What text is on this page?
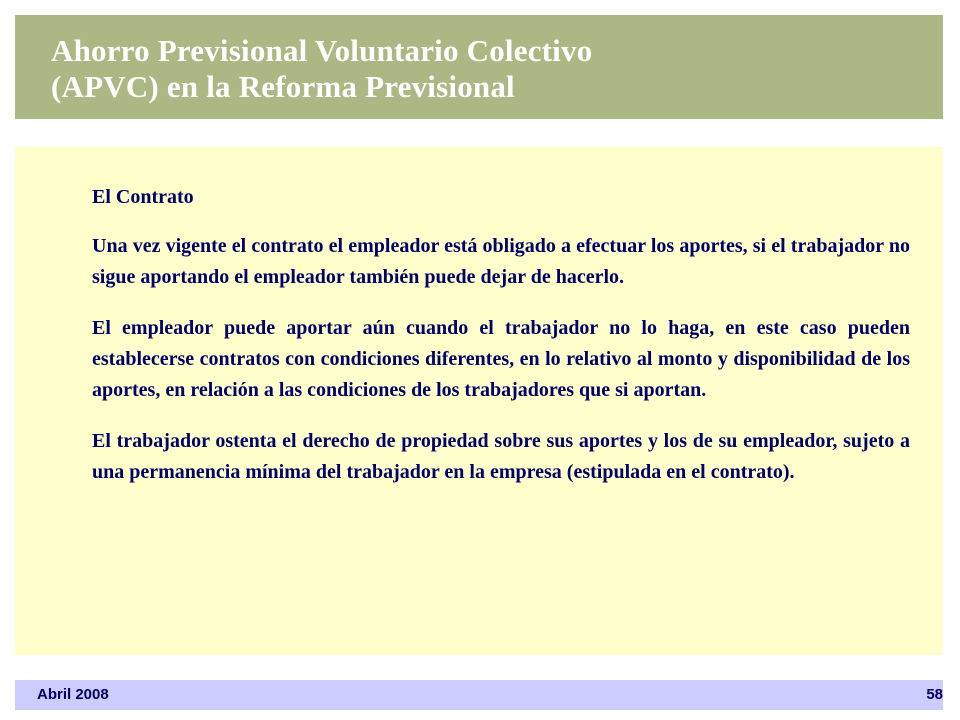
Ahorro Previsional Voluntario Colectivo
(APVC) en la Reforma Previsional
El Contrato

Una vez vigente el contrato el empleador está obligado a efectuar los aportes, si el trabajador no sigue aportando el empleador también puede dejar de hacerlo.

El empleador puede aportar aún cuando el trabajador no lo haga, en este caso pueden establecerse contratos con condiciones diferentes, en lo relativo al monto y disponibilidad de los aportes, en relación a las condiciones de los trabajadores que si aportan.

El trabajador ostenta el derecho de propiedad sobre sus aportes y los de su empleador, sujeto a una permanencia mínima del trabajador en la empresa (estipulada en el contrato).

Abril 2008	58
